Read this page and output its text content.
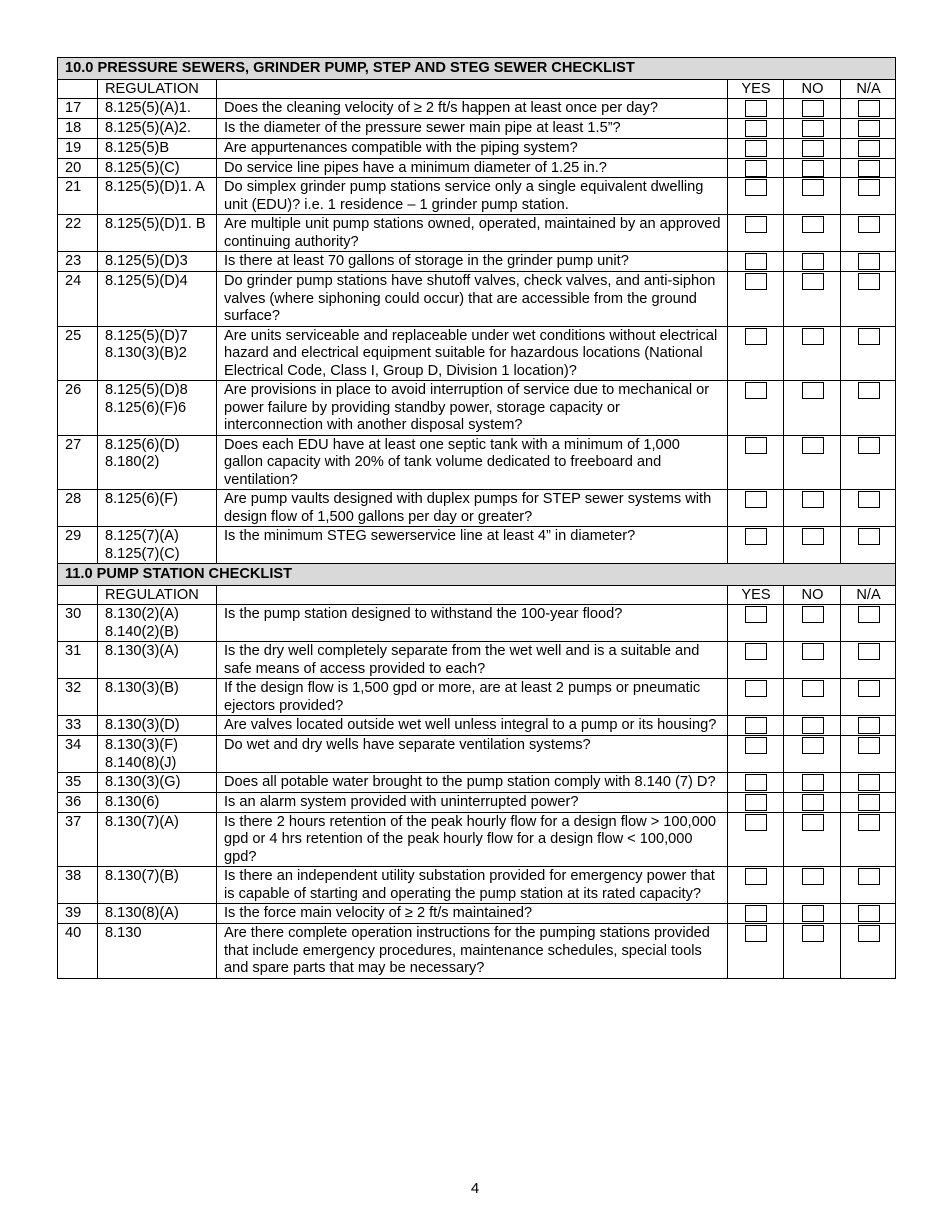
10.0 PRESSURE SEWERS, GRINDER PUMP, STEP AND STEG SEWER CHECKLIST					
	REGULATION		YES	NO	N/A
17	8.125(5)(A)1.	Does the cleaning velocity of ≥ 2 ft/s happen at least once per day?			
18	8.125(5)(A)2.	Is the diameter of the pressure sewer main pipe at least 1.5”?			
19	8.125(5)B	Are appurtenances compatible with the piping system?			
20	8.125(5)(C)	Do service line pipes have a minimum diameter of 1.25 in.?			
21	8.125(5)(D)1. A	Do simplex grinder pump stations service only a single equivalent dwelling unit (EDU)? i.e. 1 residence – 1 grinder pump station.			
22	8.125(5)(D)1. B	Are multiple unit pump stations owned, operated, maintained by an approved continuing authority?			
23	8.125(5)(D)3	Is there at least 70 gallons of storage in the grinder pump unit?			
24	8.125(5)(D)4	Do grinder pump stations have shutoff valves, check valves, and anti-siphon valves (where siphoning could occur) that are accessible from the ground surface?			
25	8.125(5)(D)7 8.130(3)(B)2	Are units serviceable and replaceable under wet conditions without electrical hazard and electrical equipment suitable for hazardous locations (National Electrical Code, Class I, Group D, Division 1 location)?			
26	8.125(5)(D)8 8.125(6)(F)6	Are provisions in place to avoid interruption of service due to mechanical or power failure by providing standby power, storage capacity or interconnection with another disposal system?			
27	8.125(6)(D) 8.180(2)	Does each EDU have at least one septic tank with a minimum of 1,000 gallon capacity with 20% of tank volume dedicated to freeboard and ventilation?			
28	8.125(6)(F)	Are pump vaults designed with duplex pumps for STEP sewer systems with design flow of 1,500 gallons per day or greater?			
29	8.125(7)(A) 8.125(7)(C)	Is the minimum STEG sewerservice line at least 4” in diameter?			
11.0 PUMP STATION CHECKLIST					
	REGULATION		YES	NO	N/A
30	8.130(2)(A) 8.140(2)(B)	Is the pump station designed to withstand the 100-year flood?			
31	8.130(3)(A)	Is the dry well completely separate from the wet well and is a suitable and safe means of access provided to each?			
32	8.130(3)(B)	If the design flow is 1,500 gpd or more, are at least 2 pumps or pneumatic ejectors provided?			
33	8.130(3)(D)	Are valves located outside wet well unless integral to a pump or its housing?			
34	8.130(3)(F) 8.140(8)(J)	Do wet and dry wells have separate ventilation systems?			
35	8.130(3)(G)	Does all potable water brought to the pump station comply with 8.140 (7) D?			
36	8.130(6)	Is an alarm system provided with uninterrupted power?			
37	8.130(7)(A)	Is there 2 hours retention of the peak hourly flow for a design flow > 100,000 gpd or 4 hrs retention of the peak hourly flow for a design flow < 100,000 gpd?			
38	8.130(7)(B)	Is there an independent utility substation provided for emergency power that is capable of starting and operating the pump station at its rated capacity?			
39	8.130(8)(A)	Is the force main velocity of ≥ 2 ft/s maintained?			
40	8.130	Are there complete operation instructions for the pumping stations provided that include emergency procedures, maintenance schedules, special tools and spare parts that may be necessary?			
4
